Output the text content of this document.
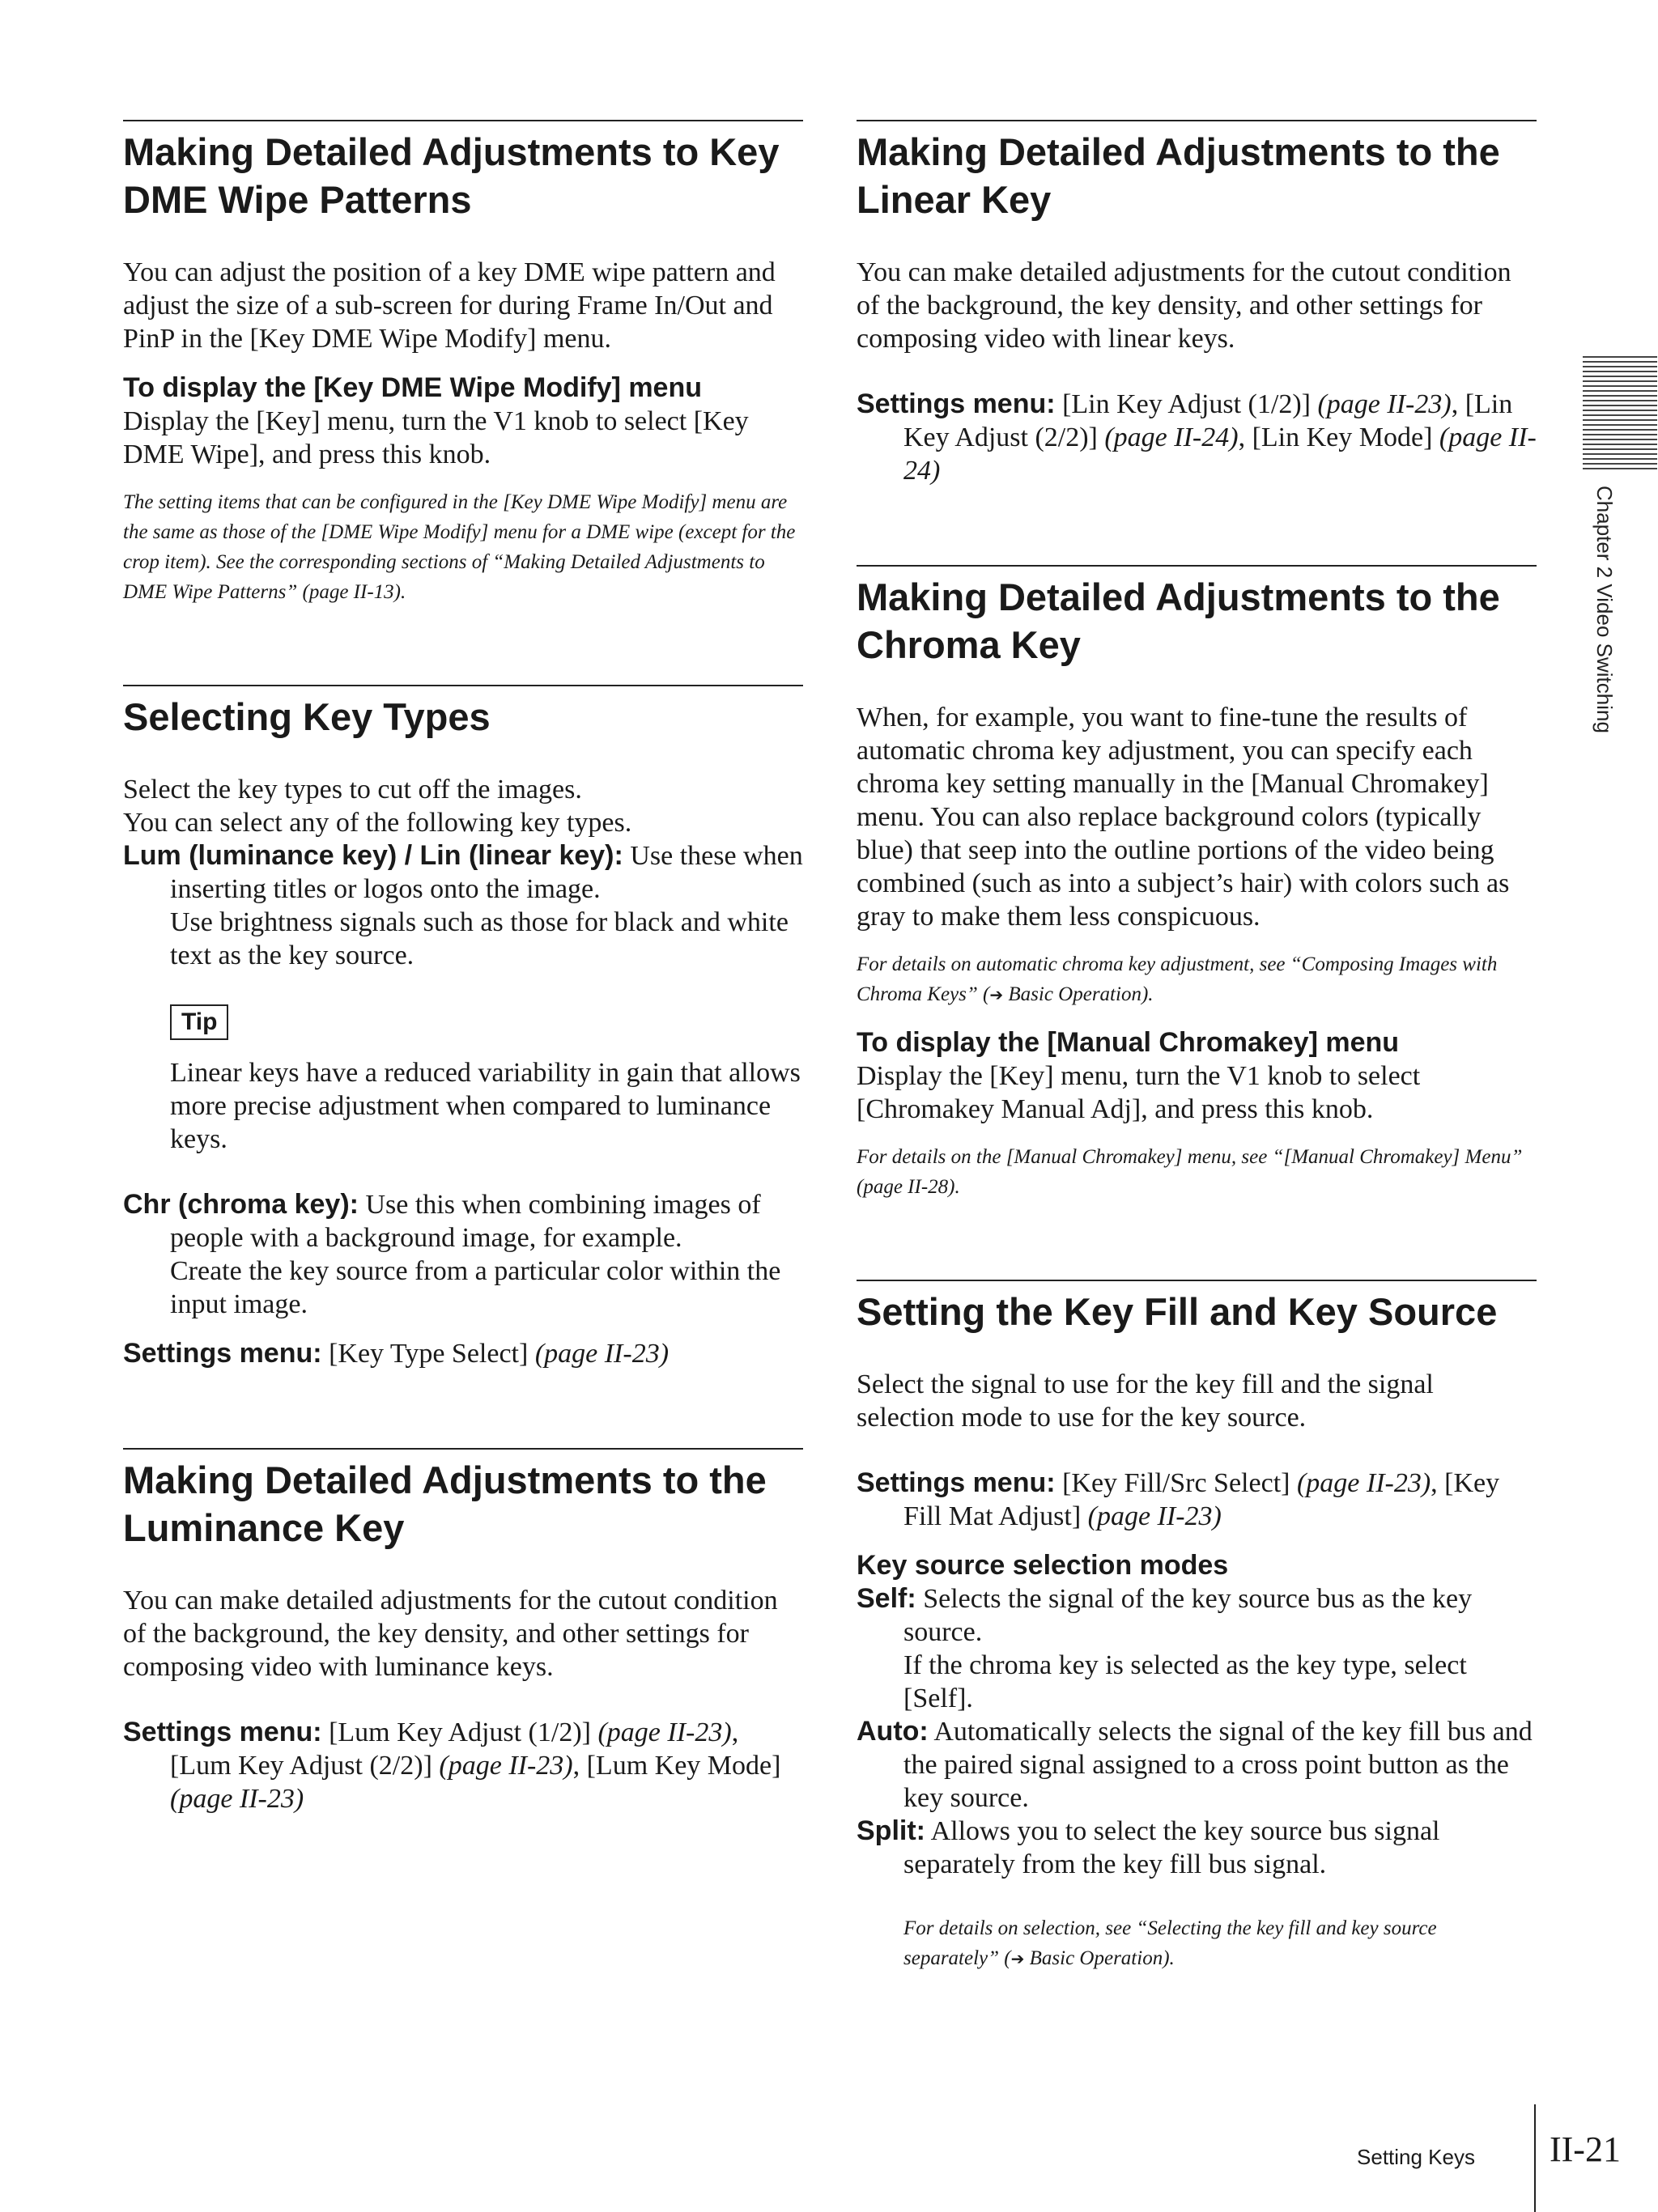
Making Detailed Adjustments to Key DME Wipe Patterns

You can adjust the position of a key DME wipe pattern and adjust the size of a sub-screen for during Frame In/Out and PinP in the [Key DME Wipe Modify] menu.

To display the [Key DME Wipe Modify] menu

Display the [Key] menu, turn the V1 knob to select [Key DME Wipe], and press this knob.

The setting items that can be configured in the [Key DME Wipe Modify] menu are the same as those of the [DME Wipe Modify] menu for a DME wipe (except for the crop item). See the corresponding sections of “Making Detailed Adjustments to DME Wipe Patterns” (page II-13).

Selecting Key Types

Select the key types to cut off the images.

You can select any of the following key types.

Lum (luminance key) / Lin (linear key): Use these when inserting titles or logos onto the image.

Use brightness signals such as those for black and white text as the key source.

Tip

Linear keys have a reduced variability in gain that allows more precise adjustment when compared to luminance keys.

Chr (chroma key): Use this when combining images of people with a background image, for example.

Create the key source from a particular color within the input image.

Settings menu: [Key Type Select] (page II-23)

Making Detailed Adjustments to the Luminance Key

You can make detailed adjustments for the cutout condition of the background, the key density, and other settings for composing video with luminance keys.

Settings menu: [Lum Key Adjust (1/2)] (page II-23), [Lum Key Adjust (2/2)] (page II-23), [Lum Key Mode] (page II-23)

Making Detailed Adjustments to the Linear Key

You can make detailed adjustments for the cutout condition of the background, the key density, and other settings for composing video with linear keys.

Settings menu: [Lin Key Adjust (1/2)] (page II-23), [Lin Key Adjust (2/2)] (page II-24), [Lin Key Mode] (page II-24)

Making Detailed Adjustments to the Chroma Key

When, for example, you want to fine-tune the results of automatic chroma key adjustment, you can specify each chroma key setting manually in the [Manual Chromakey] menu. You can also replace background colors (typically blue) that seep into the outline portions of the video being combined (such as into a subject’s hair) with colors such as gray to make them less conspicuous.

For details on automatic chroma key adjustment, see “Composing Images with Chroma Keys” (➔ Basic Operation).

To display the [Manual Chromakey] menu

Display the [Key] menu, turn the V1 knob to select [Chromakey Manual Adj], and press this knob.

For details on the [Manual Chromakey] menu, see “[Manual Chromakey] Menu” (page II-28).

Setting the Key Fill and Key Source

Select the signal to use for the key fill and the signal selection mode to use for the key source.

Settings menu: [Key Fill/Src Select] (page II-23), [Key Fill Mat Adjust] (page II-23)

Key source selection modes

Self: Selects the signal of the key source bus as the key source.

If the chroma key is selected as the key type, select [Self].

Auto: Automatically selects the signal of the key fill bus and the paired signal assigned to a cross point button as the key source.

Split: Allows you to select the key source bus signal separately from the key fill bus signal.

For details on selection, see “Selecting the key fill and key source separately” (➔ Basic Operation).

Chapter 2 Video Switching
Setting Keys II-21
